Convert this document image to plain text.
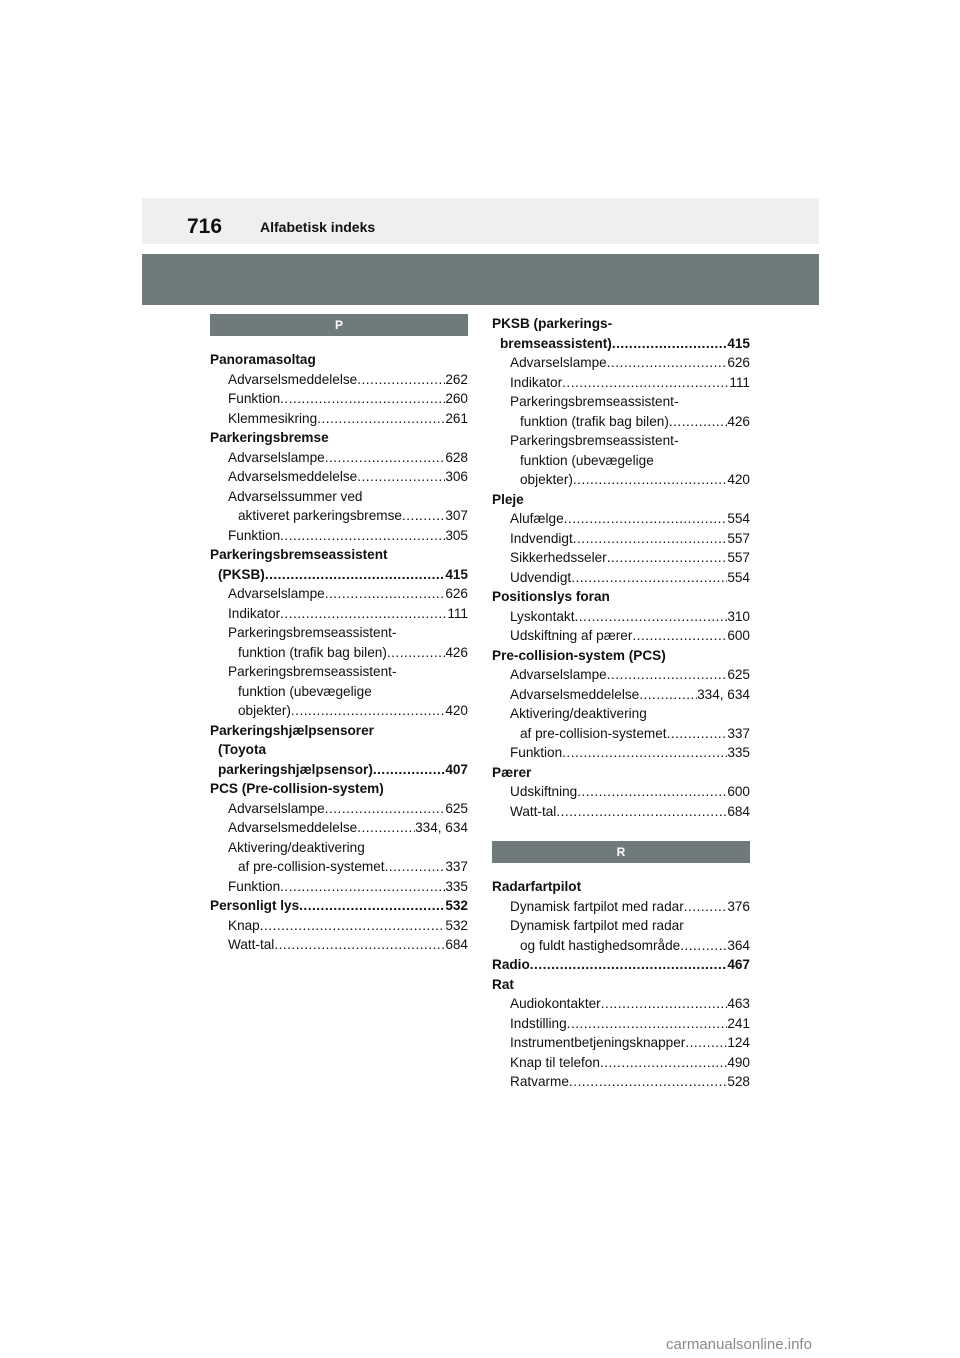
716	Alfabetisk indeks
P
Panoramasoltag
Advarselsmeddelelse .....	262
Funktion .....	260
Klemmesikring .....	261
Parkeringsbremse
Advarselslampe .....	628
Advarselsmeddelelse .....	306
Advarselssummer ved
aktiveret parkeringsbremse .....	307
Funktion .....	305
Parkeringsbremseassistent
(PKSB) .....	415
Advarselslampe .....	626
Indikator .....	111
Parkeringsbremseassistent-
funktion (trafik bag bilen) .....	426
Parkeringsbremseassistent-
funktion (ubevægelige
objekter) .....	420
Parkeringshjælpsensorer
(Toyota
parkeringshjælpsensor) .....	407
PCS (Pre-collision-system)
Advarselslampe .....	625
Advarselsmeddelelse .....	334, 634
Aktivering/deaktivering
af pre-collision-systemet .....	337
Funktion .....	335
Personligt lys .....	532
Knap .....	532
Watt-tal .....	684
PKSB (parkerings-
bremseassistent) .....	415
Advarselslampe .....	626
Indikator .....	111
Parkeringsbremseassistent-
funktion (trafik bag bilen) .....	426
Parkeringsbremseassistent-
funktion (ubevægelige
objekter) .....	420
Pleje
Alufælge .....	554
Indvendigt .....	557
Sikkerhedsseler .....	557
Udvendigt .....	554
Positionslys foran
Lyskontakt .....	310
Udskiftning af pærer .....	600
Pre-collision-system (PCS)
Advarselslampe .....	625
Advarselsmeddelelse .....	334, 634
Aktivering/deaktivering
af pre-collision-systemet .....	337
Funktion .....	335
Pærer
Udskiftning .....	600
Watt-tal .....	684
R
Radarfartpilot
Dynamisk fartpilot med radar .....	376
Dynamisk fartpilot med radar
og fuldt hastighedsområde .....	364
Radio .....	467
Rat
Audiokontakter .....	463
Indstilling .....	241
Instrumentbetjeningsknapper .....	124
Knap til telefon .....	490
Ratvarme .....	528
carmanualsonline.info
